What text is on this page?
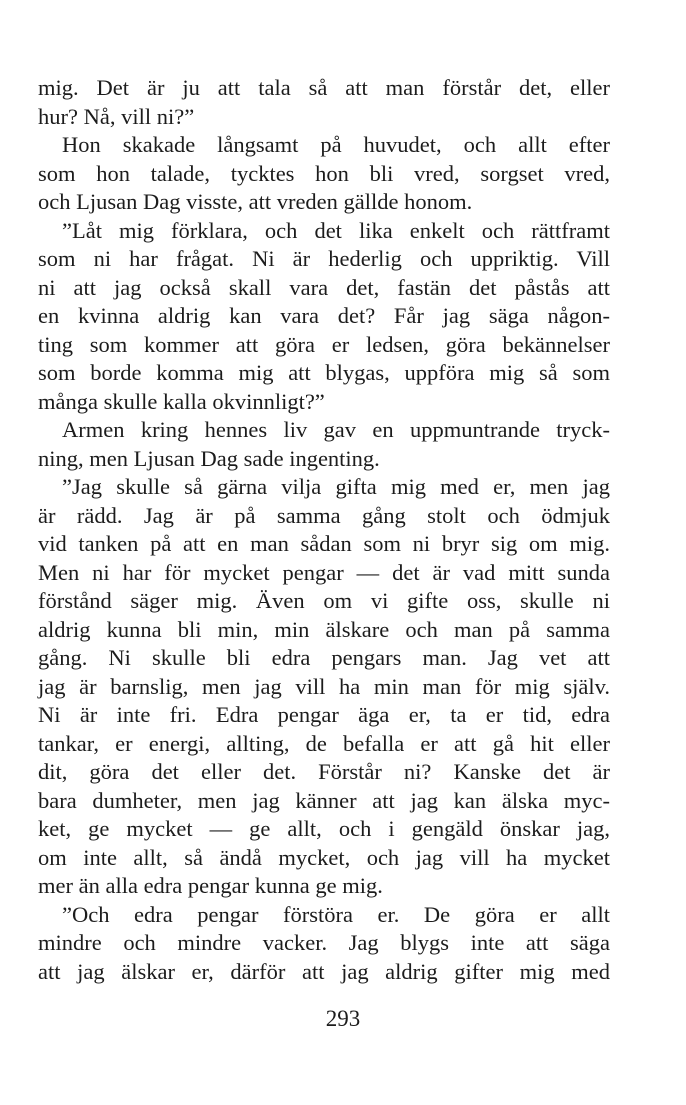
mig. Det är ju att tala så att man förstår det, eller
hur? Nå, vill ni?”
Hon skakade långsamt på huvudet, och allt efter
som hon talade, tycktes hon bli vred, sorgset vred,
och Ljusan Dag visste, att vreden gällde honom.
”Låt mig förklara, och det lika enkelt och rättframt
som ni har frågat. Ni är hederlig och uppriktig. Vill
ni att jag också skall vara det, fastän det påstås att
en kvinna aldrig kan vara det? Får jag säga någon-
ting som kommer att göra er ledsen, göra bekännelser
som borde komma mig att blygas, uppföra mig så som
många skulle kalla okvinnligt?”
Armen kring hennes liv gav en uppmuntrande tryck-
ning, men Ljusan Dag sade ingenting.
”Jag skulle så gärna vilja gifta mig med er, men jag
är rädd. Jag är på samma gång stolt och ödmjuk
vid tanken på att en man sådan som ni bryr sig om mig.
Men ni har för mycket pengar — det är vad mitt sunda
förstånd säger mig. Även om vi gifte oss, skulle ni
aldrig kunna bli min, min älskare och man på samma
gång. Ni skulle bli edra pengars man. Jag vet att
jag är barnslig, men jag vill ha min man för mig själv.
Ni är inte fri. Edra pengar äga er, ta er tid, edra
tankar, er energi, allting, de befalla er att gå hit eller
dit, göra det eller det. Förstår ni? Kanske det är
bara dumheter, men jag känner att jag kan älska myc-
ket, ge mycket — ge allt, och i gengäld önskar jag,
om inte allt, så ändå mycket, och jag vill ha mycket
mer än alla edra pengar kunna ge mig.
”Och edra pengar förstöra er. De göra er allt
mindre och mindre vacker. Jag blygs inte att säga
att jag älskar er, därför att jag aldrig gifter mig med
293
